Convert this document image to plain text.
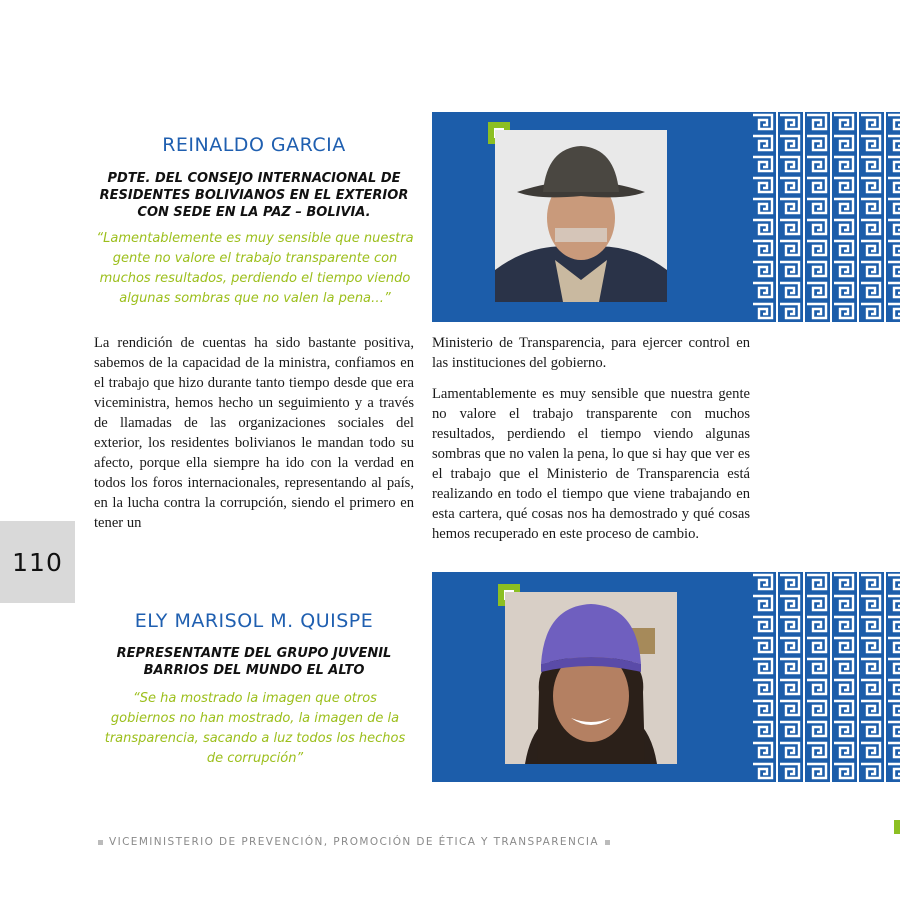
110
REINALDO GARCIA
PDTE. DEL CONSEJO INTERNACIONAL DE
RESIDENTES BOLIVIANOS EN EL EXTERIOR
CON SEDE EN LA PAZ – BOLIVIA.
“Lamentablemente es muy sensible que nuestra
gente no valore el trabajo transparente con
muchos resultados, perdiendo el tiempo viendo
algunas sombras que no valen la pena…”

La rendición de cuentas ha sido bastante positiva, sabemos de la capacidad de la ministra, confiamos en el trabajo que hizo durante tanto tiempo desde que era viceministra, hemos hecho un seguimiento y a través de llamadas de las organizaciones sociales del exterior, los residentes bolivianos le mandan todo su afecto, porque ella siempre ha ido con la verdad en todos los foros internacionales, representando al país, en la lucha contra la corrupción, siendo el primero en tener un

Ministerio de Transparencia, para ejercer control en las instituciones del gobierno.

Lamentablemente es muy sensible que nuestra gente no valore el trabajo transparente con muchos resultados, perdiendo el tiempo viendo algunas sombras que no valen la pena, lo que si hay que ver es el trabajo que el Ministerio de Transparencia está realizando en todo el tiempo que viene trabajando en esta cartera, qué cosas nos ha demostrado y qué cosas hemos recuperado en este proceso de cambio.

ELY MARISOL M. QUISPE
REPRESENTANTE DEL GRUPO JUVENIL
BARRIOS DEL MUNDO EL ALTO
“Se ha mostrado la imagen que otros
gobiernos no han mostrado, la imagen de la
transparencia, sacando a luz todos los hechos
de corrupción”
VICEMINISTERIO DE PREVENCIÓN, PROMOCIÓN DE ÉTICA Y TRANSPARENCIA
